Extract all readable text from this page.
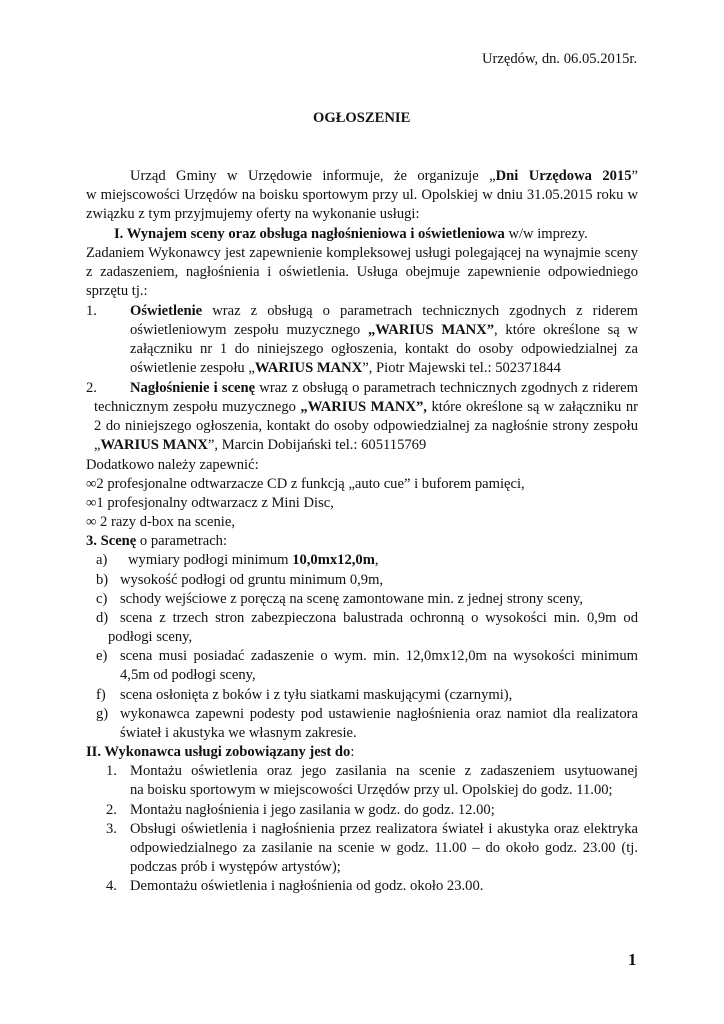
Urzędów, dn. 06.05.2015r.
OGŁOSZENIE
Urząd Gminy w Urzędowie informuje, że organizuje „Dni Urzędowa 2015”
w miejscowości Urzędów na boisku sportowym przy ul. Opolskiej w dniu 31.05.2015 roku w
związku z tym przyjmujemy oferty na wykonanie usługi:
I. Wynajem sceny oraz obsługa nagłośnieniowa i oświetleniowa w/w imprezy.
Zadaniem Wykonawcy jest zapewnienie kompleksowej usługi polegającej na wynajmie sceny
z zadaszeniem, nagłośnienia i oświetlenia. Usługa obejmuje zapewnienie odpowiedniego
sprzętu tj.:
1. Oświetlenie wraz z obsługą o parametrach technicznych zgodnych z riderem
oświetleniowym zespołu muzycznego „WARIUS MANX”, które określone są w
załączniku nr 1 do niniejszego ogłoszenia, kontakt do osoby odpowiedzialnej za
oświetlenie zespołu „WARIUS MANX”, Piotr Majewski tel.: 502371844
2. Nagłośnienie i scenę wraz z obsługą o parametrach technicznych zgodnych z riderem
technicznym zespołu muzycznego „WARIUS MANX”, które określone są w załączniku nr
2 do niniejszego ogłoszenia, kontakt do osoby odpowiedzialnej za nagłośnie strony zespołu
„WARIUS MANX”, Marcin Dobijański tel.: 605115769
Dodatkowo należy zapewnić:
∞2 profesjonalne odtwarzacze CD z funkcją „auto cue” i buforem pamięci,
∞1 profesjonalny odtwarzacz z Mini Disc,
∞ 2 razy d-box na scenie,
3. Scenę o parametrach:
a) wymiary podłogi minimum 10,0mx12,0m,
b) wysokość podłogi od gruntu minimum 0,9m,
c) schody wejściowe z poręczą na scenę zamontowane min. z jednej strony sceny,
d) scena z trzech stron zabezpieczona balustrada ochronną o wysokości min. 0,9m od
podłogi sceny,
e) scena musi posiadać zadaszenie o wym. min. 12,0mx12,0m na wysokości minimum
4,5m od podłogi sceny,
f) scena osłonięta z boków i z tyłu siatkami maskującymi (czarnymi),
g) wykonawca zapewni podesty pod ustawienie nagłośnienia oraz namiot dla realizatora
świateł i akustyka we własnym zakresie.
II. Wykonawca usługi zobowiązany jest do:
1. Montażu oświetlenia oraz jego zasilania na scenie z zadaszeniem usytuowanej
na boisku sportowym w miejscowości Urzędów przy ul. Opolskiej do godz. 11.00;
2. Montażu nagłośnienia i jego zasilania w godz. do godz. 12.00;
3. Obsługi oświetlenia i nagłośnienia przez realizatora świateł i akustyka oraz elektryka
odpowiedzialnego za zasilanie na scenie w godz. 11.00 – do około godz. 23.00 (tj.
podczas prób i występów artystów);
4. Demontażu oświetlenia i nagłośnienia od godz. około 23.00.
1
